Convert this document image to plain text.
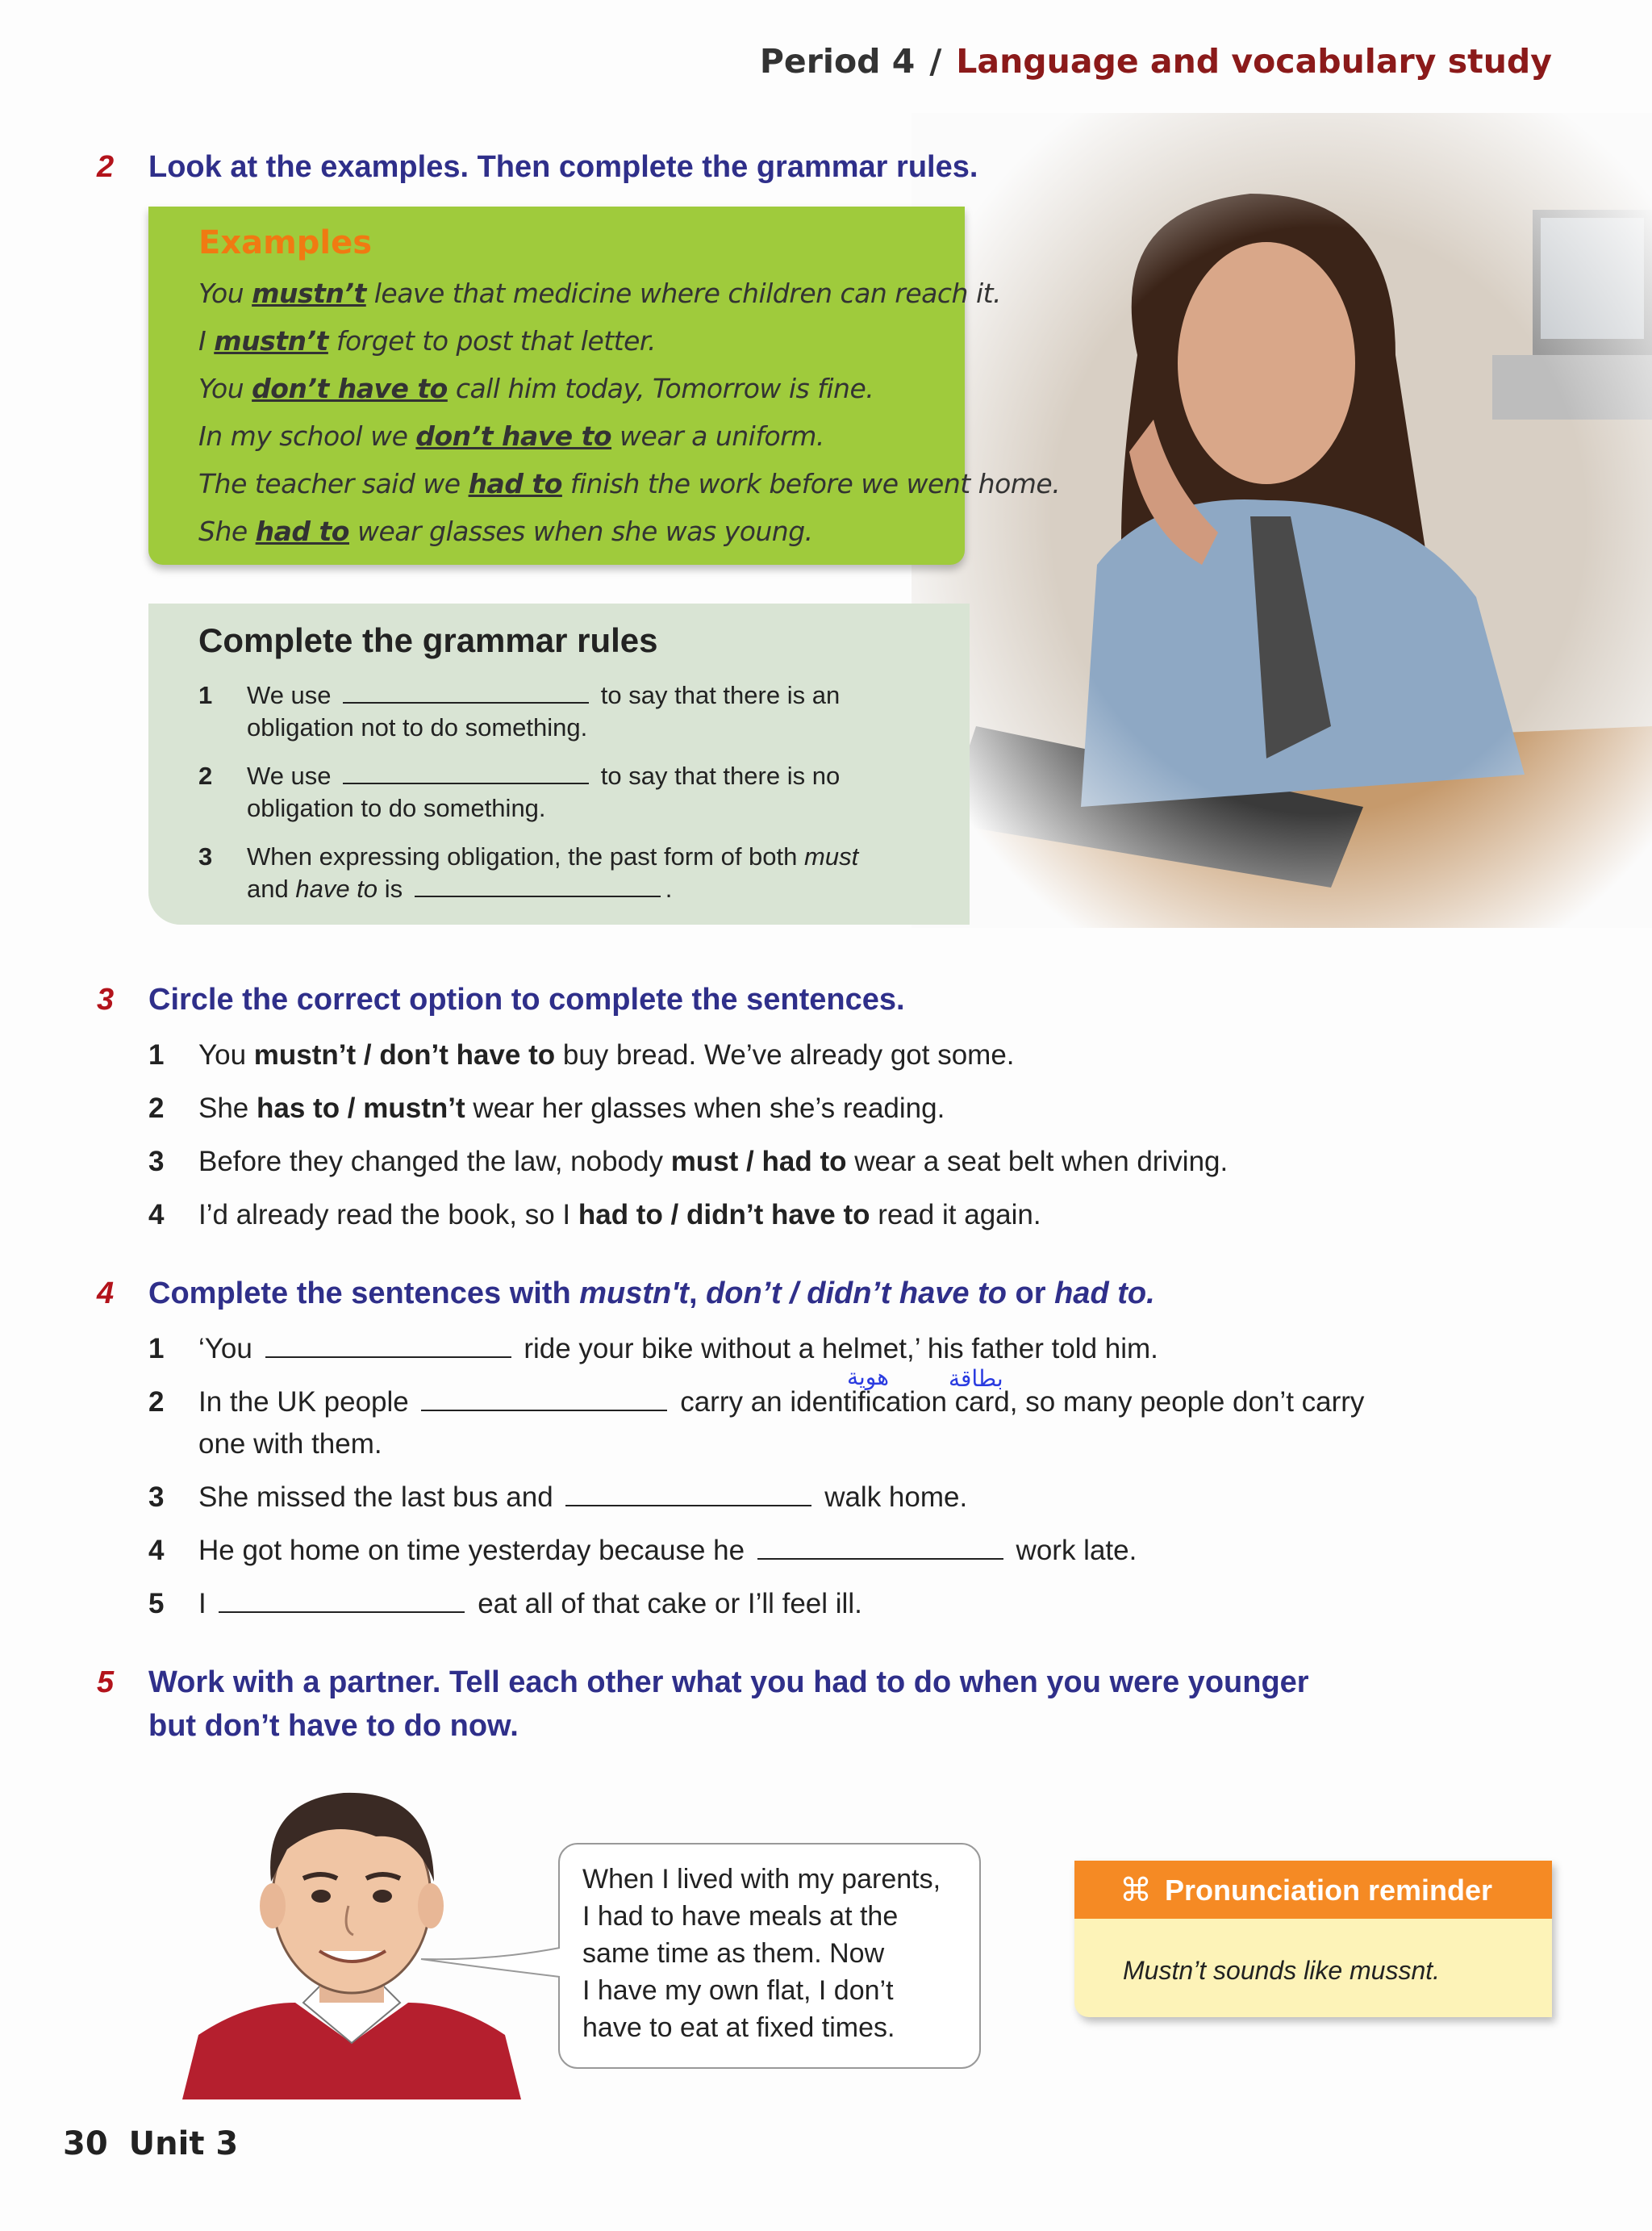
Period 4 / Language and vocabulary study
2 Look at the examples. Then complete the grammar rules.
Examples
You mustn’t leave that medicine where children can reach it.
I mustn’t forget to post that letter.
You don’t have to call him today, Tomorrow is fine.
In my school we don’t have to wear a uniform.
The teacher said we had to finish the work before we went home.
She had to wear glasses when she was young.
Complete the grammar rules
1 We use	to say that there is an
obligation not to do something.
2 We use	to say that there is no
obligation to do something.
3 When expressing obligation, the past form of both must
and have to is	.
3 Circle the correct option to complete the sentences.
1 You mustn’t / don’t have to buy bread. We’ve already got some.
2 She has to / mustn’t wear her glasses when she’s reading.
3 Before they changed the law, nobody must / had to wear a seat belt when driving.
4 I’d already read the book, so I had to / didn’t have to read it again.
4 Complete the sentences with mustn't, don’t / didn’t have to or had to.
1 ‘You	ride your bike without a helmet,’ his father told him.
هوية	بطاقة
2 In the UK people	carry an identification card, so many people don’t carry
one with them.
3 She missed the last bus and	walk home.
4 He got home on time yesterday because he	work late.
5 I	eat all of that cake or I’ll feel ill.
5 Work with a partner. Tell each other what you had to do when you were younger
but don’t have to do now.
When I lived with my parents,
I had to have meals at the
same time as them. Now
I have my own flat, I don’t
have to eat at fixed times.
⌘ Pronunciation reminder
Mustn’t sounds like mussnt.
30 Unit 3
